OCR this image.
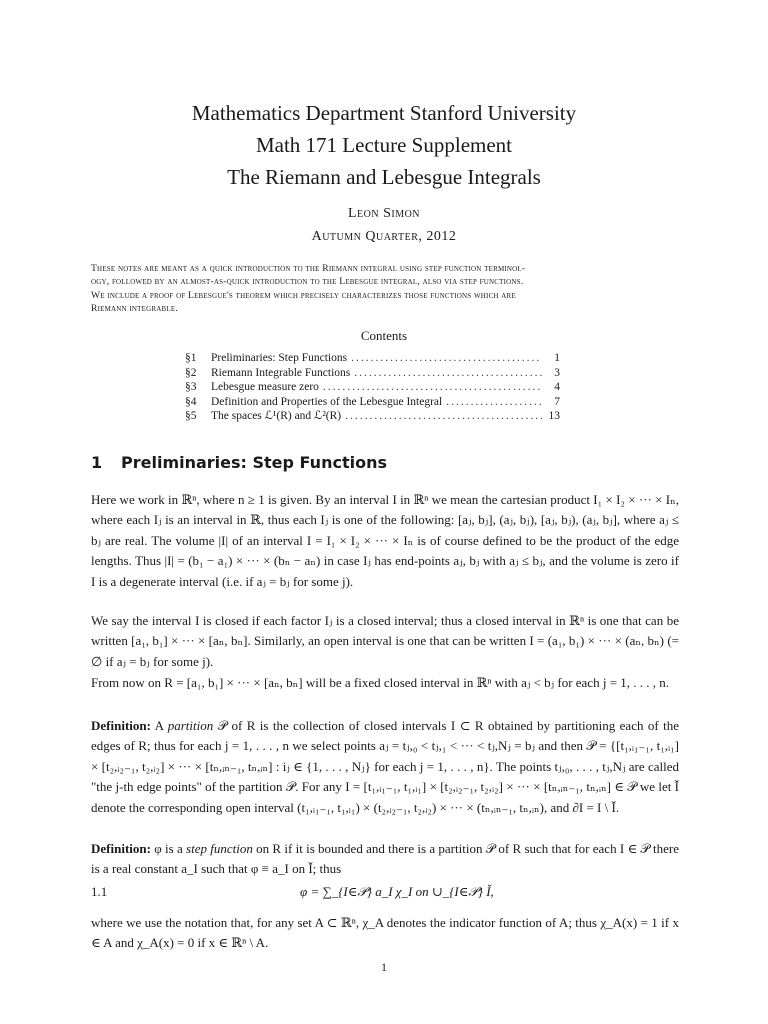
Mathematics Department Stanford University
Math 171 Lecture Supplement
The Riemann and Lebesgue Integrals
Leon Simon
Autumn Quarter, 2012
These notes are meant as a quick introduction to the Riemann integral using step function terminol-
ogy, followed by an almost-as-quick introduction to the Lebesgue integral, also via step functions.
We include a proof of Lebesgue's theorem which precisely characterizes those functions which are
Riemann integrable.
Contents
§1	Preliminaries: Step Functions .....	1
§2	Riemann Integrable Functions .....	3
§3	Lebesgue measure zero .....	4
§4	Definition and Properties of the Lebesgue Integral .....	7
§5	The spaces ℒ¹(R) and ℒ²(R) .....	13
1 Preliminaries: Step Functions
Here we work in ℝⁿ, where n ≥ 1 is given. By an interval I in ℝⁿ we mean the cartesian product I₁ × I₂ × ··· × Iₙ, where each Iⱼ is an interval in ℝ, thus each Iⱼ is one of the following: [aⱼ, bⱼ], (aⱼ, bⱼ), [aⱼ, bⱼ), (aⱼ, bⱼ], where aⱼ ≤ bⱼ are real. The volume |I| of an interval I = I₁ × I₂ × ··· × Iₙ is of course defined to be the product of the edge lengths. Thus |I| = (b₁ − a₁) × ··· × (bₙ − aₙ) in case Iⱼ has end-points aⱼ, bⱼ with aⱼ ≤ bⱼ, and the volume is zero if I is a degenerate interval (i.e. if aⱼ = bⱼ for some j).
We say the interval I is closed if each factor Iⱼ is a closed interval; thus a closed interval in ℝⁿ is one that can be written [a₁, b₁] × ··· × [aₙ, bₙ]. Similarly, an open interval is one that can be written I = (a₁, b₁) × ··· × (aₙ, bₙ) (= ∅ if aⱼ = bⱼ for some j).
From now on R = [a₁, b₁] × ··· × [aₙ, bₙ] will be a fixed closed interval in ℝⁿ with aⱼ < bⱼ for each j = 1, . . . , n.
Definition: A partition 𝒫 of R is the collection of closed intervals I ⊂ R obtained by partitioning each of the edges of R; thus for each j = 1, . . . , n we select points aⱼ = tⱼ,₀ < tⱼ,₁ < ··· < tⱼ,Nⱼ = bⱼ and then 𝒫 = {[t₁,ᵢ₁₋₁, t₁,ᵢ₁] × [t₂,ᵢ₂₋₁, t₂,ᵢ₂] × ··· × [tₙ,ᵢₙ₋₁, tₙ,ᵢₙ] : iⱼ ∈ {1, . . . , Nⱼ} for each j = 1, . . . , n}. The points tⱼ,₀, . . . , tⱼ,Nⱼ are called "the j-th edge points" of the partition 𝒫. For any I = [t₁,ᵢ₁₋₁, t₁,ᵢ₁] × [t₂,ᵢ₂₋₁, t₂,ᵢ₂] × ··· × [tₙ,ᵢₙ₋₁, tₙ,ᵢₙ] ∈ 𝒫 we let Ǐ denote the corresponding open interval (t₁,ᵢ₁₋₁, t₁,ᵢ₁) × (t₂,ᵢ₂₋₁, t₂,ᵢ₂) × ··· × (tₙ,ᵢₙ₋₁, tₙ,ᵢₙ), and ∂I = I \ Ǐ.
Definition: φ is a step function on R if it is bounded and there is a partition 𝒫 of R such that for each I ∈ 𝒫 there is a real constant a_I such that φ ≡ a_I on Ǐ; thus
1.1	φ = ∑_{I∈𝒫} a_I χ_I on ∪_{I∈𝒫} Ǐ,
where we use the notation that, for any set A ⊂ ℝⁿ, χ_A denotes the indicator function of A; thus χ_A(x) = 1 if x ∈ A and χ_A(x) = 0 if x ∈ ℝⁿ \ A.
1
